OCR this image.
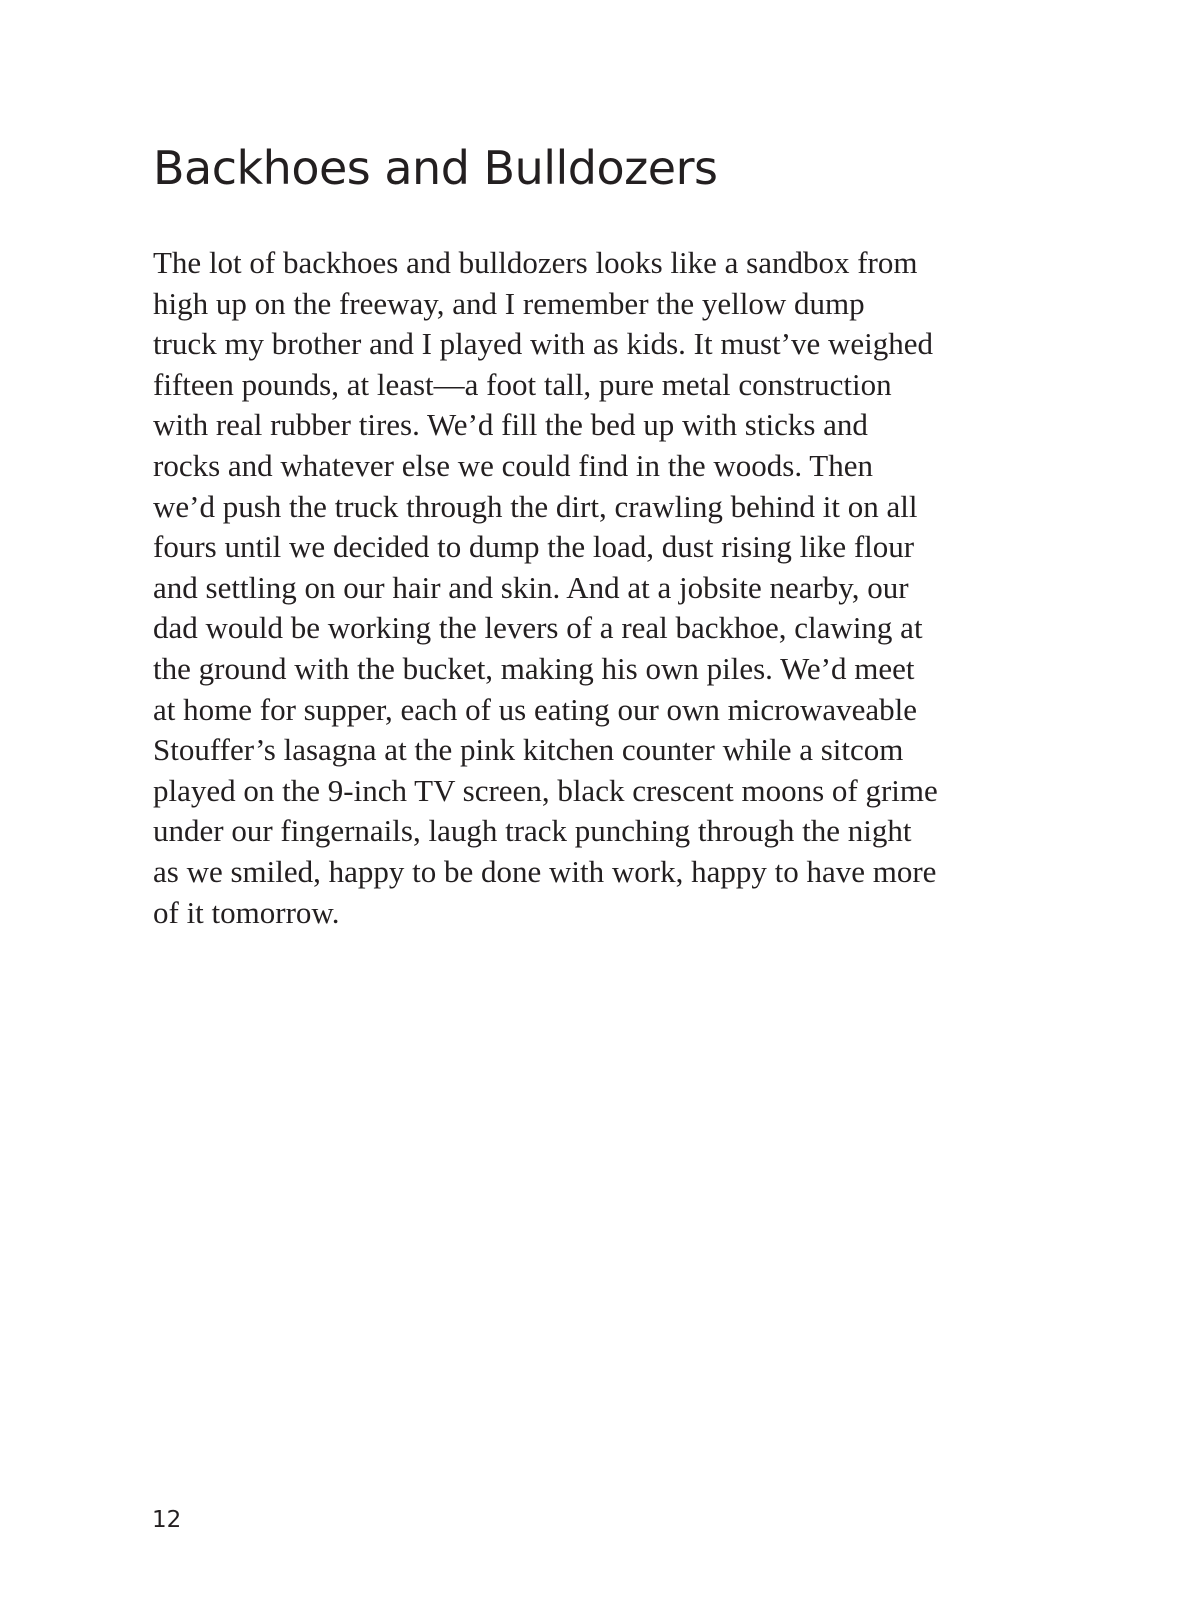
Backhoes and Bulldozers
The lot of backhoes and bulldozers looks like a sandbox from
high up on the freeway, and I remember the yellow dump
truck my brother and I played with as kids. It must’ve weighed
fifteen pounds, at least—a foot tall, pure metal construction
with real rubber tires. We’d fill the bed up with sticks and
rocks and whatever else we could find in the woods. Then
we’d push the truck through the dirt, crawling behind it on all
fours until we decided to dump the load, dust rising like flour
and settling on our hair and skin. And at a jobsite nearby, our
dad would be working the levers of a real backhoe, clawing at
the ground with the bucket, making his own piles. We’d meet
at home for supper, each of us eating our own microwaveable
Stouffer’s lasagna at the pink kitchen counter while a sitcom
played on the 9-inch TV screen, black crescent moons of grime
under our fingernails, laugh track punching through the night
as we smiled, happy to be done with work, happy to have more
of it tomorrow.
12
